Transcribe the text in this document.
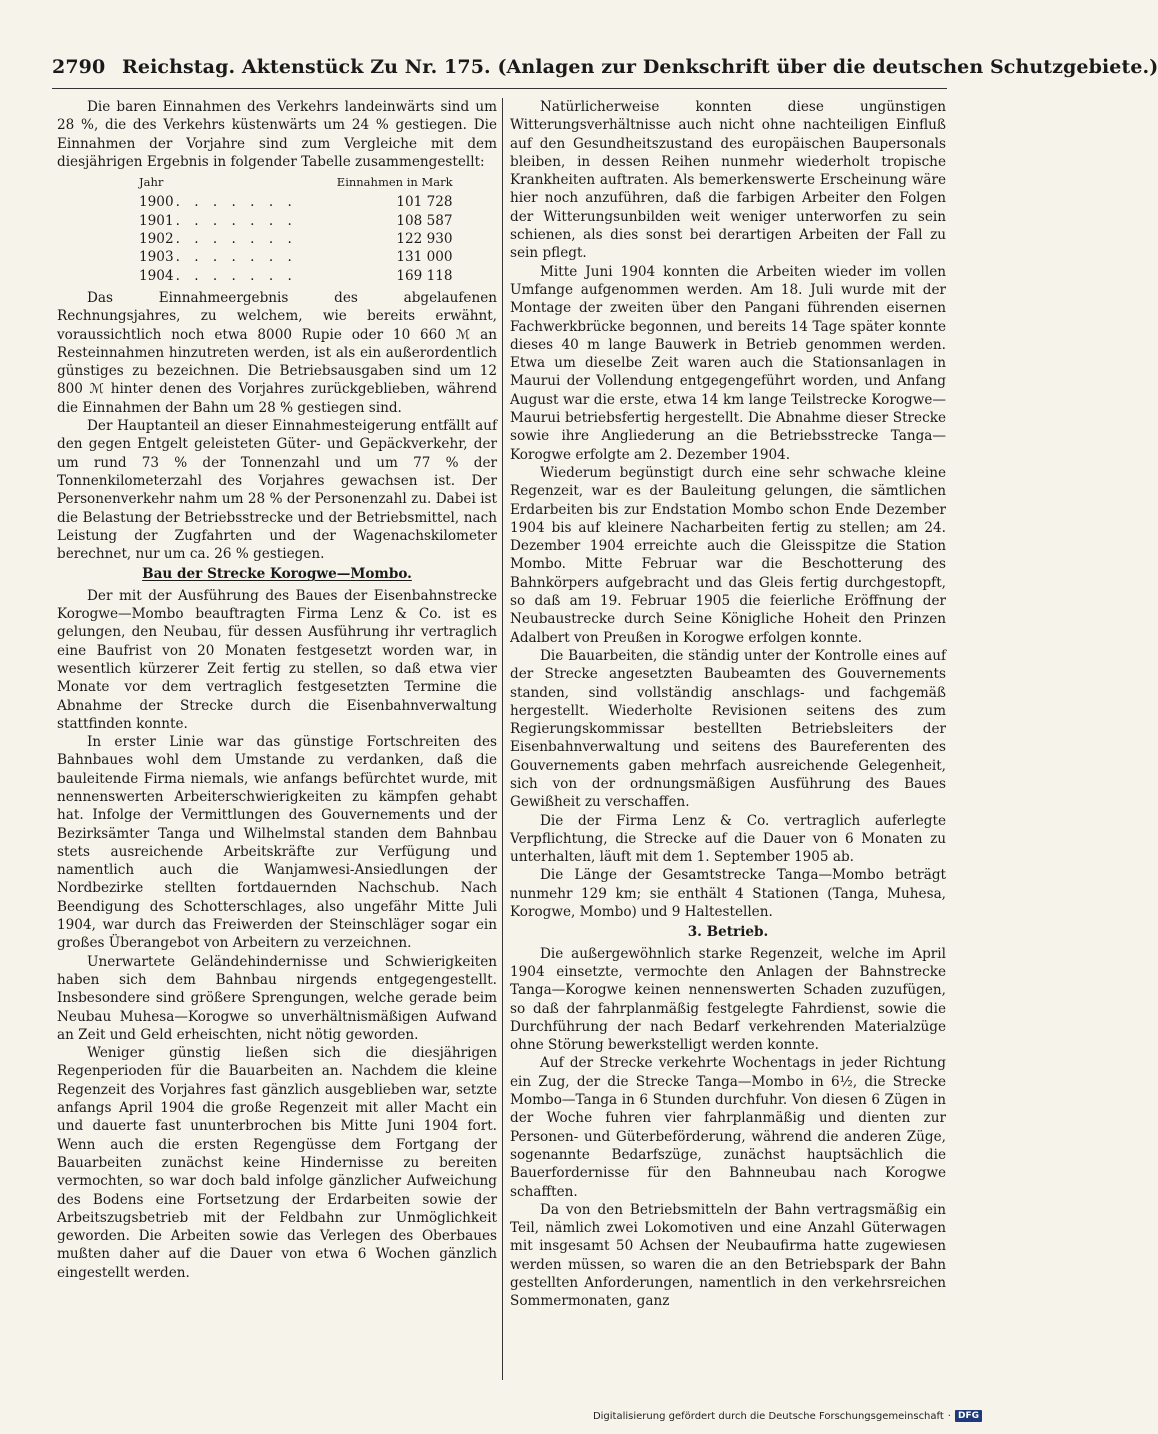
2790 Reichstag. Aktenstück Zu Nr. 175. (Anlagen zur Denkschrift über die deutschen Schutzgebiete.)

Die baren Einnahmen des Verkehrs landeinwärts sind um 28 %, die des Verkehrs küstenwärts um 24 % gestiegen. Die Einnahmen der Vorjahre sind zum Vergleiche mit dem diesjährigen Ergebnis in folgender Tabelle zusammengestellt:

Jahr		Einnahmen in Mark
1900	. . . . . . .	101 728
1901	. . . . . . .	108 587
1902	. . . . . . .	122 930
1903	. . . . . . .	131 000
1904	. . . . . . .	169 118

Das Einnahmeergebnis des abgelaufenen Rechnungsjahres, zu welchem, wie bereits erwähnt, voraussichtlich noch etwa 8000 Rupie oder 10 660 ℳ an Resteinnahmen hinzutreten werden, ist als ein außerordentlich günstiges zu bezeichnen. Die Betriebsausgaben sind um 12 800 ℳ hinter denen des Vorjahres zurückgeblieben, während die Einnahmen der Bahn um 28 % gestiegen sind.

Der Hauptanteil an dieser Einnahmesteigerung entfällt auf den gegen Entgelt geleisteten Güter- und Gepäckverkehr, der um rund 73 % der Tonnenzahl und um 77 % der Tonnenkilometerzahl des Vorjahres gewachsen ist. Der Personenverkehr nahm um 28 % der Personenzahl zu. Dabei ist die Belastung der Betriebsstrecke und der Betriebsmittel, nach Leistung der Zugfahrten und der Wagenachskilometer berechnet, nur um ca. 26 % gestiegen.

Bau der Strecke Korogwe—Mombo.

Der mit der Ausführung des Baues der Eisenbahnstrecke Korogwe—Mombo beauftragten Firma Lenz & Co. ist es gelungen, den Neubau, für dessen Ausführung ihr vertraglich eine Baufrist von 20 Monaten festgesetzt worden war, in wesentlich kürzerer Zeit fertig zu stellen, so daß etwa vier Monate vor dem vertraglich festgesetzten Termine die Abnahme der Strecke durch die Eisenbahnverwaltung stattfinden konnte.

In erster Linie war das günstige Fortschreiten des Bahnbaues wohl dem Umstande zu verdanken, daß die bauleitende Firma niemals, wie anfangs befürchtet wurde, mit nennenswerten Arbeiterschwierigkeiten zu kämpfen gehabt hat. Infolge der Vermittlungen des Gouvernements und der Bezirksämter Tanga und Wilhelmstal standen dem Bahnbau stets ausreichende Arbeitskräfte zur Verfügung und namentlich auch die Wanjamwesi-Ansiedlungen der Nordbezirke stellten fortdauernden Nachschub. Nach Beendigung des Schotterschlages, also ungefähr Mitte Juli 1904, war durch das Freiwerden der Steinschläger sogar ein großes Überangebot von Arbeitern zu verzeichnen.

Unerwartete Geländehindernisse und Schwierigkeiten haben sich dem Bahnbau nirgends entgegengestellt. Insbesondere sind größere Sprengungen, welche gerade beim Neubau Muhesa—Korogwe so unverhältnismäßigen Aufwand an Zeit und Geld erheischten, nicht nötig geworden.

Weniger günstig ließen sich die diesjährigen Regenperioden für die Bauarbeiten an. Nachdem die kleine Regenzeit des Vorjahres fast gänzlich ausgeblieben war, setzte anfangs April 1904 die große Regenzeit mit aller Macht ein und dauerte fast ununterbrochen bis Mitte Juni 1904 fort. Wenn auch die ersten Regengüsse dem Fortgang der Bauarbeiten zunächst keine Hindernisse zu bereiten vermochten, so war doch bald infolge gänzlicher Aufweichung des Bodens eine Fortsetzung der Erdarbeiten sowie der Arbeitszugsbetrieb mit der Feldbahn zur Unmöglichkeit geworden. Die Arbeiten sowie das Verlegen des Oberbaues mußten daher auf die Dauer von etwa 6 Wochen gänzlich eingestellt werden.

Natürlicherweise konnten diese ungünstigen Witterungsverhältnisse auch nicht ohne nachteiligen Einfluß auf den Gesundheitszustand des europäischen Baupersonals bleiben, in dessen Reihen nunmehr wiederholt tropische Krankheiten auftraten. Als bemerkenswerte Erscheinung wäre hier noch anzuführen, daß die farbigen Arbeiter den Folgen der Witterungsunbilden weit weniger unterworfen zu sein schienen, als dies sonst bei derartigen Arbeiten der Fall zu sein pflegt.

Mitte Juni 1904 konnten die Arbeiten wieder im vollen Umfange aufgenommen werden. Am 18. Juli wurde mit der Montage der zweiten über den Pangani führenden eisernen Fachwerkbrücke begonnen, und bereits 14 Tage später konnte dieses 40 m lange Bauwerk in Betrieb genommen werden. Etwa um dieselbe Zeit waren auch die Stationsanlagen in Maurui der Vollendung entgegengeführt worden, und Anfang August war die erste, etwa 14 km lange Teilstrecke Korogwe—Maurui betriebsfertig hergestellt. Die Abnahme dieser Strecke sowie ihre Angliederung an die Betriebsstrecke Tanga—Korogwe erfolgte am 2. Dezember 1904.

Wiederum begünstigt durch eine sehr schwache kleine Regenzeit, war es der Bauleitung gelungen, die sämtlichen Erdarbeiten bis zur Endstation Mombo schon Ende Dezember 1904 bis auf kleinere Nacharbeiten fertig zu stellen; am 24. Dezember 1904 erreichte auch die Gleisspitze die Station Mombo. Mitte Februar war die Beschotterung des Bahnkörpers aufgebracht und das Gleis fertig durchgestopft, so daß am 19. Februar 1905 die feierliche Eröffnung der Neubaustrecke durch Seine Königliche Hoheit den Prinzen Adalbert von Preußen in Korogwe erfolgen konnte.

Die Bauarbeiten, die ständig unter der Kontrolle eines auf der Strecke angesetzten Baubeamten des Gouvernements standen, sind vollständig anschlags- und fachgemäß hergestellt. Wiederholte Revisionen seitens des zum Regierungskommissar bestellten Betriebsleiters der Eisenbahnverwaltung und seitens des Baureferenten des Gouvernements gaben mehrfach ausreichende Gelegenheit, sich von der ordnungsmäßigen Ausführung des Baues Gewißheit zu verschaffen.

Die der Firma Lenz & Co. vertraglich auferlegte Verpflichtung, die Strecke auf die Dauer von 6 Monaten zu unterhalten, läuft mit dem 1. September 1905 ab.

Die Länge der Gesamtstrecke Tanga—Mombo beträgt nunmehr 129 km; sie enthält 4 Stationen (Tanga, Muhesa, Korogwe, Mombo) und 9 Haltestellen.

3. Betrieb.

Die außergewöhnlich starke Regenzeit, welche im April 1904 einsetzte, vermochte den Anlagen der Bahnstrecke Tanga—Korogwe keinen nennenswerten Schaden zuzufügen, so daß der fahrplanmäßig festgelegte Fahrdienst, sowie die Durchführung der nach Bedarf verkehrenden Materialzüge ohne Störung bewerkstelligt werden konnte.

Auf der Strecke verkehrte Wochentags in jeder Richtung ein Zug, der die Strecke Tanga—Mombo in 6½, die Strecke Mombo—Tanga in 6 Stunden durchfuhr. Von diesen 6 Zügen in der Woche fuhren vier fahrplanmäßig und dienten zur Personen- und Güterbeförderung, während die anderen Züge, sogenannte Bedarfszüge, zunächst hauptsächlich die Bauerfordernisse für den Bahnneubau nach Korogwe schafften.

Da von den Betriebsmitteln der Bahn vertragsmäßig ein Teil, nämlich zwei Lokomotiven und eine Anzahl Güterwagen mit insgesamt 50 Achsen der Neubaufirma hatte zugewiesen werden müssen, so waren die an den Betriebspark der Bahn gestellten Anforderungen, namentlich in den verkehrsreichen Sommermonaten, ganz

Digitalisierung gefördert durch die Deutsche Forschungsgemeinschaft · DFG
